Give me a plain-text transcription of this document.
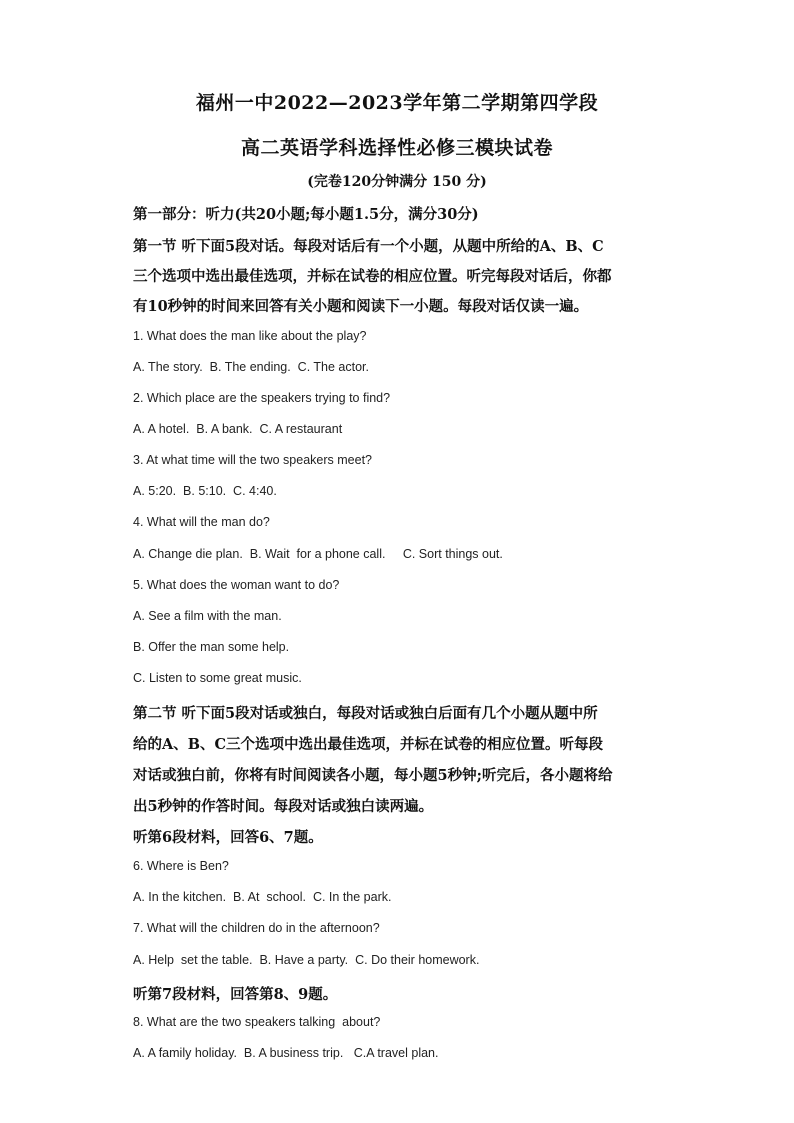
福州一中2022—2023学年第二学期第四学段
高二英语学科选择性必修三模块试卷
(完卷120分钟满分 150 分)
第一部分：听力(共20小题;每小题1.5分，满分30分)
第一节 听下面5段对话。每段对话后有一个小题，从题中所给的A、B、C
三个选项中选出最佳选项，并标在试卷的相应位置。听完每段对话后，你都
有10秒钟的时间来回答有关小题和阅读下一小题。每段对话仅读一遍。
1. What does the man like about the play?
A. The story.  B. The ending.  C. The actor.
2. Which place are the speakers trying to find?
A. A hotel.  B. A bank.  C. A restaurant
3. At what time will the two speakers meet?
A. 5:20.  B. 5:10.  C. 4:40.
4. What will the man do?
A. Change die plan.  B. Wait  for a phone call.     C. Sort things out.
5. What does the woman want to do?
A. See a film with the man.
B. Offer the man some help.
C. Listen to some great music.
第二节 听下面5段对话或独白，每段对话或独白后面有几个小题从题中所
给的A、B、C三个选项中选出最佳选项，并标在试卷的相应位置。听每段
对话或独白前，你将有时间阅读各小题，每小题5秒钟;听完后，各小题将给
出5秒钟的作答时间。每段对话或独白读两遍。
听第6段材料，回答6、7题。
6. Where is Ben?
A. In the kitchen.  B. At  school.  C. In the park.
7. What will the children do in the afternoon?
A. Help  set the table.  B. Have a party.  C. Do their homework.
听第7段材料，回答第8、9题。
8. What are the two speakers talking  about?
A. A family holiday.  B. A business trip.   C.A travel plan.
